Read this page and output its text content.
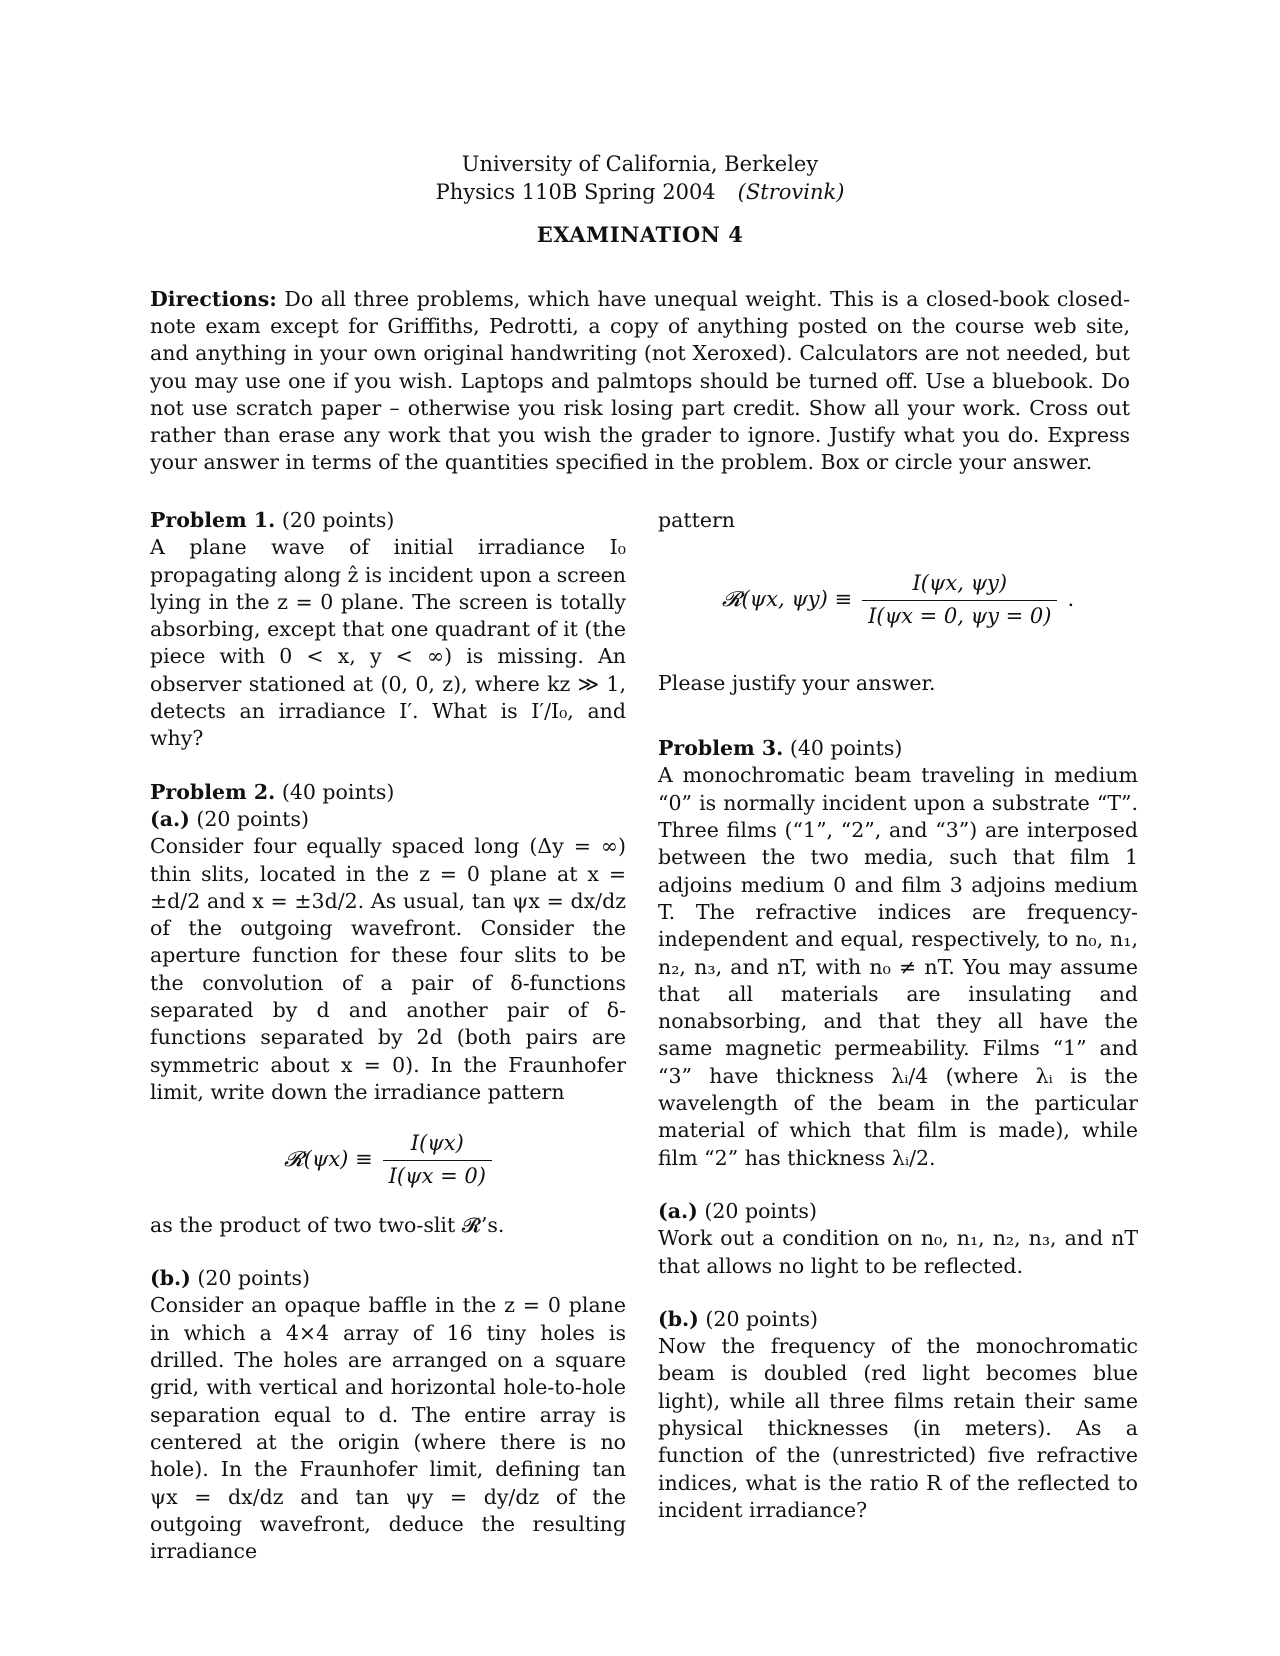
University of California, Berkeley
Physics 110B Spring 2004 (Strovink)
EXAMINATION 4
Directions: Do all three problems, which have unequal weight. This is a closed-book closed-note exam except for Griffiths, Pedrotti, a copy of anything posted on the course web site, and anything in your own original handwriting (not Xeroxed). Calculators are not needed, but you may use one if you wish. Laptops and palmtops should be turned off. Use a bluebook. Do not use scratch paper – otherwise you risk losing part credit. Show all your work. Cross out rather than erase any work that you wish the grader to ignore. Justify what you do. Express your answer in terms of the quantities specified in the problem. Box or circle your answer.
Problem 1. (20 points)
A plane wave of initial irradiance I₀ propagating along ẑ is incident upon a screen lying in the z = 0 plane. The screen is totally absorbing, except that one quadrant of it (the piece with 0 < x, y < ∞) is missing. An observer stationed at (0, 0, z), where kz ≫ 1, detects an irradiance I′. What is I′/I₀, and why?
Problem 2. (40 points)
(a.) (20 points)
Consider four equally spaced long (Δy = ∞) thin slits, located in the z = 0 plane at x = ±d/2 and x = ±3d/2. As usual, tan ψx = dx/dz of the outgoing wavefront. Consider the aperture function for these four slits to be the convolution of a pair of δ-functions separated by d and another pair of δ-functions separated by 2d (both pairs are symmetric about x = 0). In the Fraunhofer limit, write down the irradiance pattern
𝓡(ψx) ≡ $\frac{I(\psi x)}{I(\psi x = 0)}$
as the product of two two-slit 𝓡’s.
(b.) (20 points)
Consider an opaque baffle in the z = 0 plane in which a 4×4 array of 16 tiny holes is drilled. The holes are arranged on a square grid, with vertical and horizontal hole-to-hole separation equal to d. The entire array is centered at the origin (where there is no hole). In the Fraunhofer limit, defining tan ψx = dx/dz and tan ψy = dy/dz of the outgoing wavefront, deduce the resulting irradiance
pattern
𝓡(ψx, $\psi y) \equiv \frac{I(\psi x, \psi y)}{I(\psi x = 0, \psi y = 0)}$ .
Please justify your answer.
Problem 3. (40 points)
A monochromatic beam traveling in medium “0” is normally incident upon a substrate “T”. Three films (“1”, “2”, and “3”) are interposed between the two media, such that film 1 adjoins medium 0 and film 3 adjoins medium T. The refractive indices are frequency-independent and equal, respectively, to n₀, n₁, n₂, n₃, and nT, with n₀ ≠ nT. You may assume that all materials are insulating and nonabsorbing, and that they all have the same magnetic permeability. Films “1” and “3” have thickness λᵢ/4 (where λᵢ is the wavelength of the beam in the particular material of which that film is made), while film “2” has thickness λᵢ/2.
(a.) (20 points)
Work out a condition on n₀, n₁, n₂, n₃, and nT that allows no light to be reflected.
(b.) (20 points)
Now the frequency of the monochromatic beam is doubled (red light becomes blue light), while all three films retain their same physical thicknesses (in meters). As a function of the (unrestricted) five refractive indices, what is the ratio R of the reflected to incident irradiance?
